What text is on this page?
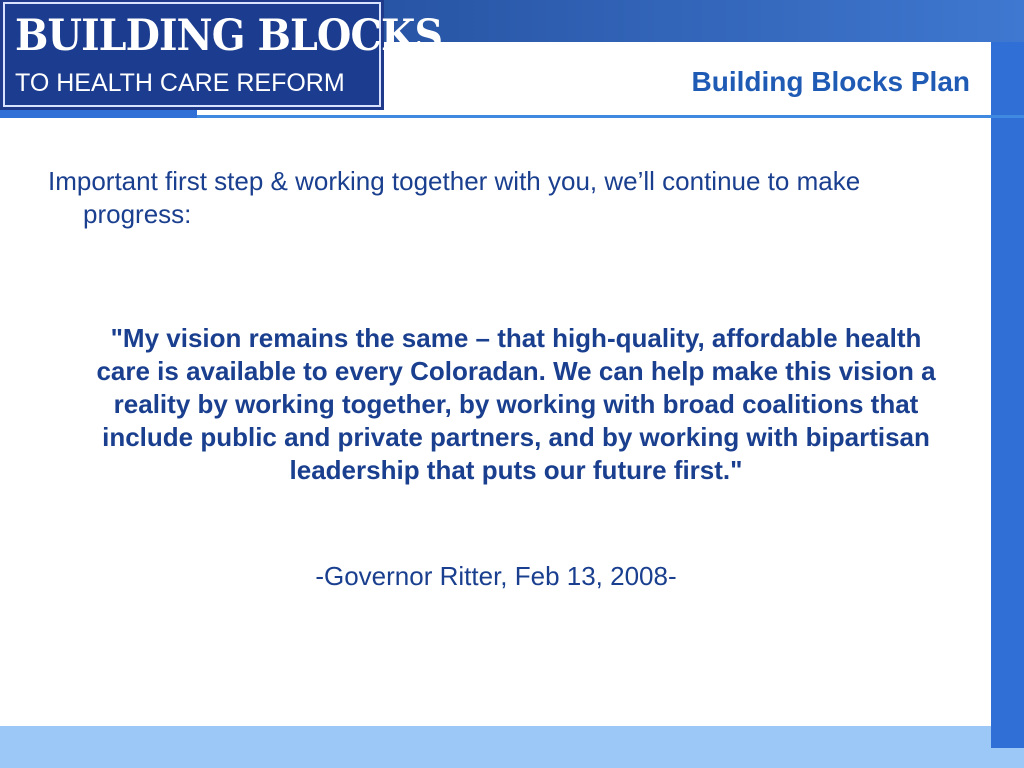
BUILDING BLOCKS
TO HEALTH CARE REFORM	Building Blocks Plan
Important first step & working together with you, we’ll continue to make progress:
"My vision remains the same – that high-quality, affordable health care is available to every Coloradan. We can help make this vision a reality by working together, by working with broad coalitions that include public and private partners, and by working with bipartisan leadership that puts our future first."
-Governor Ritter, Feb 13, 2008-
